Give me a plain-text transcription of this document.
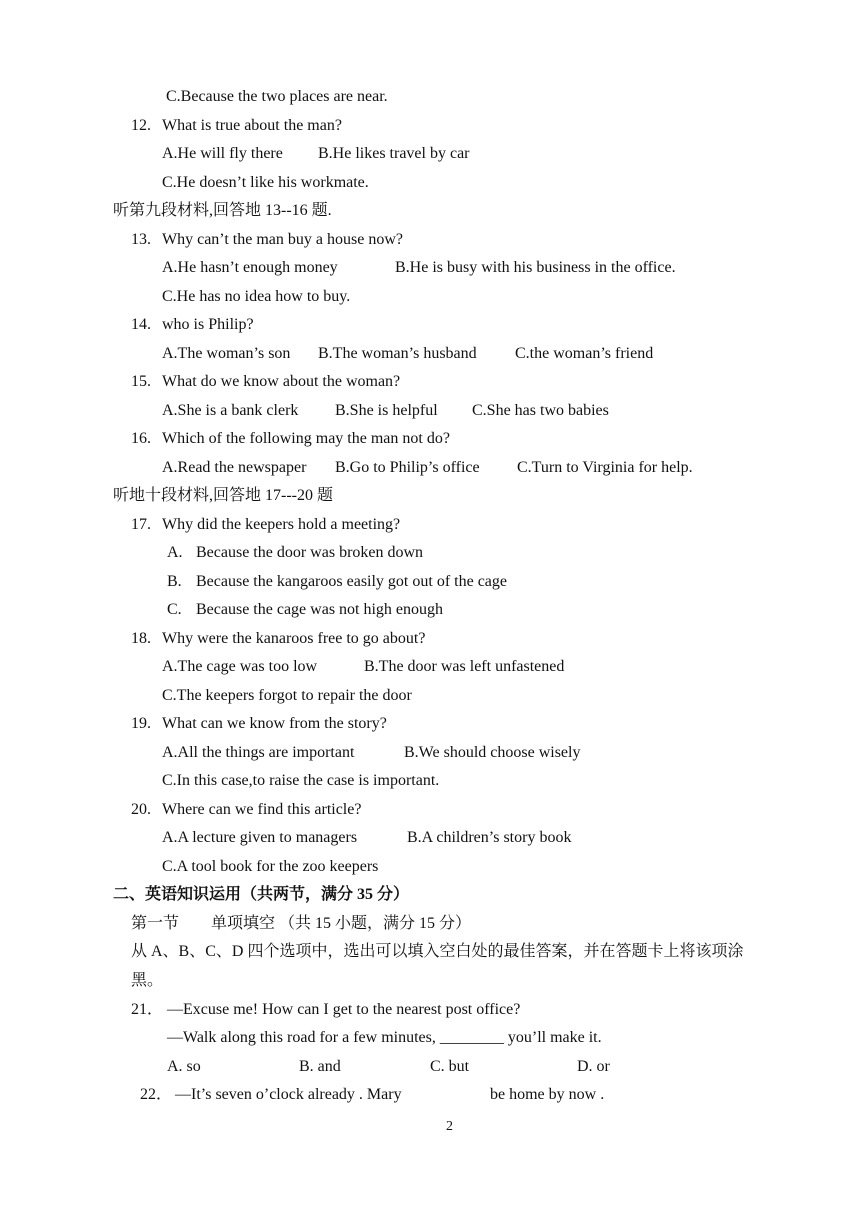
C.Because the two places are near.
12. What is true about the man?
A.He will fly there B.He likes travel by car
C.He doesn’t like his workmate.
听第九段材料,回答地 13--16 题.
13. Why can’t the man buy a house now?
A.He hasn’t enough money	B.He is busy with his business in the office.
C.He has no idea how to buy.
14. who is Philip?
A.The woman’s son B.The woman’s husband C.the woman’s friend
15. What do we know about the woman?
A.She is a bank clerk B.She is helpful C.She has two babies
16. Which of the following may the man not do?
A.Read the newspaper B.Go to Philip’s office C.Turn to Virginia for help.
听地十段材料,回答地 17---20 题
17. Why did the keepers hold a meeting?
A. Because the door was broken down
B. Because the kangaroos easily got out of the cage
C. Because the cage was not high enough
18. Why were the kanaroos free to go about?
A.The cage was too low	B.The door was left unfastened
C.The keepers forgot to repair the door
19. What can we know from the story?
A.All the things are important	B.We should choose wisely
C.In this case,to raise the case is important.
20. Where can we find this article?
A.A lecture given to managers	B.A children’s story book
C.A tool book for the zoo keepers
二、英语知识运用（共两节，满分 35 分）
第一节　　单项填空 （共 15 小题，满分 15 分）
从 A、B、C、D 四个选项中，选出可以填入空白处的最佳答案，并在答题卡上将该项涂
黑。
21． —Excuse me! How can I get to the nearest post office?
—Walk along this road for a few minutes, ________ you’ll make it.
A. so	B. and	C. but	D. or
22． —It’s seven o’clock already . Mary	be home by now .
2
